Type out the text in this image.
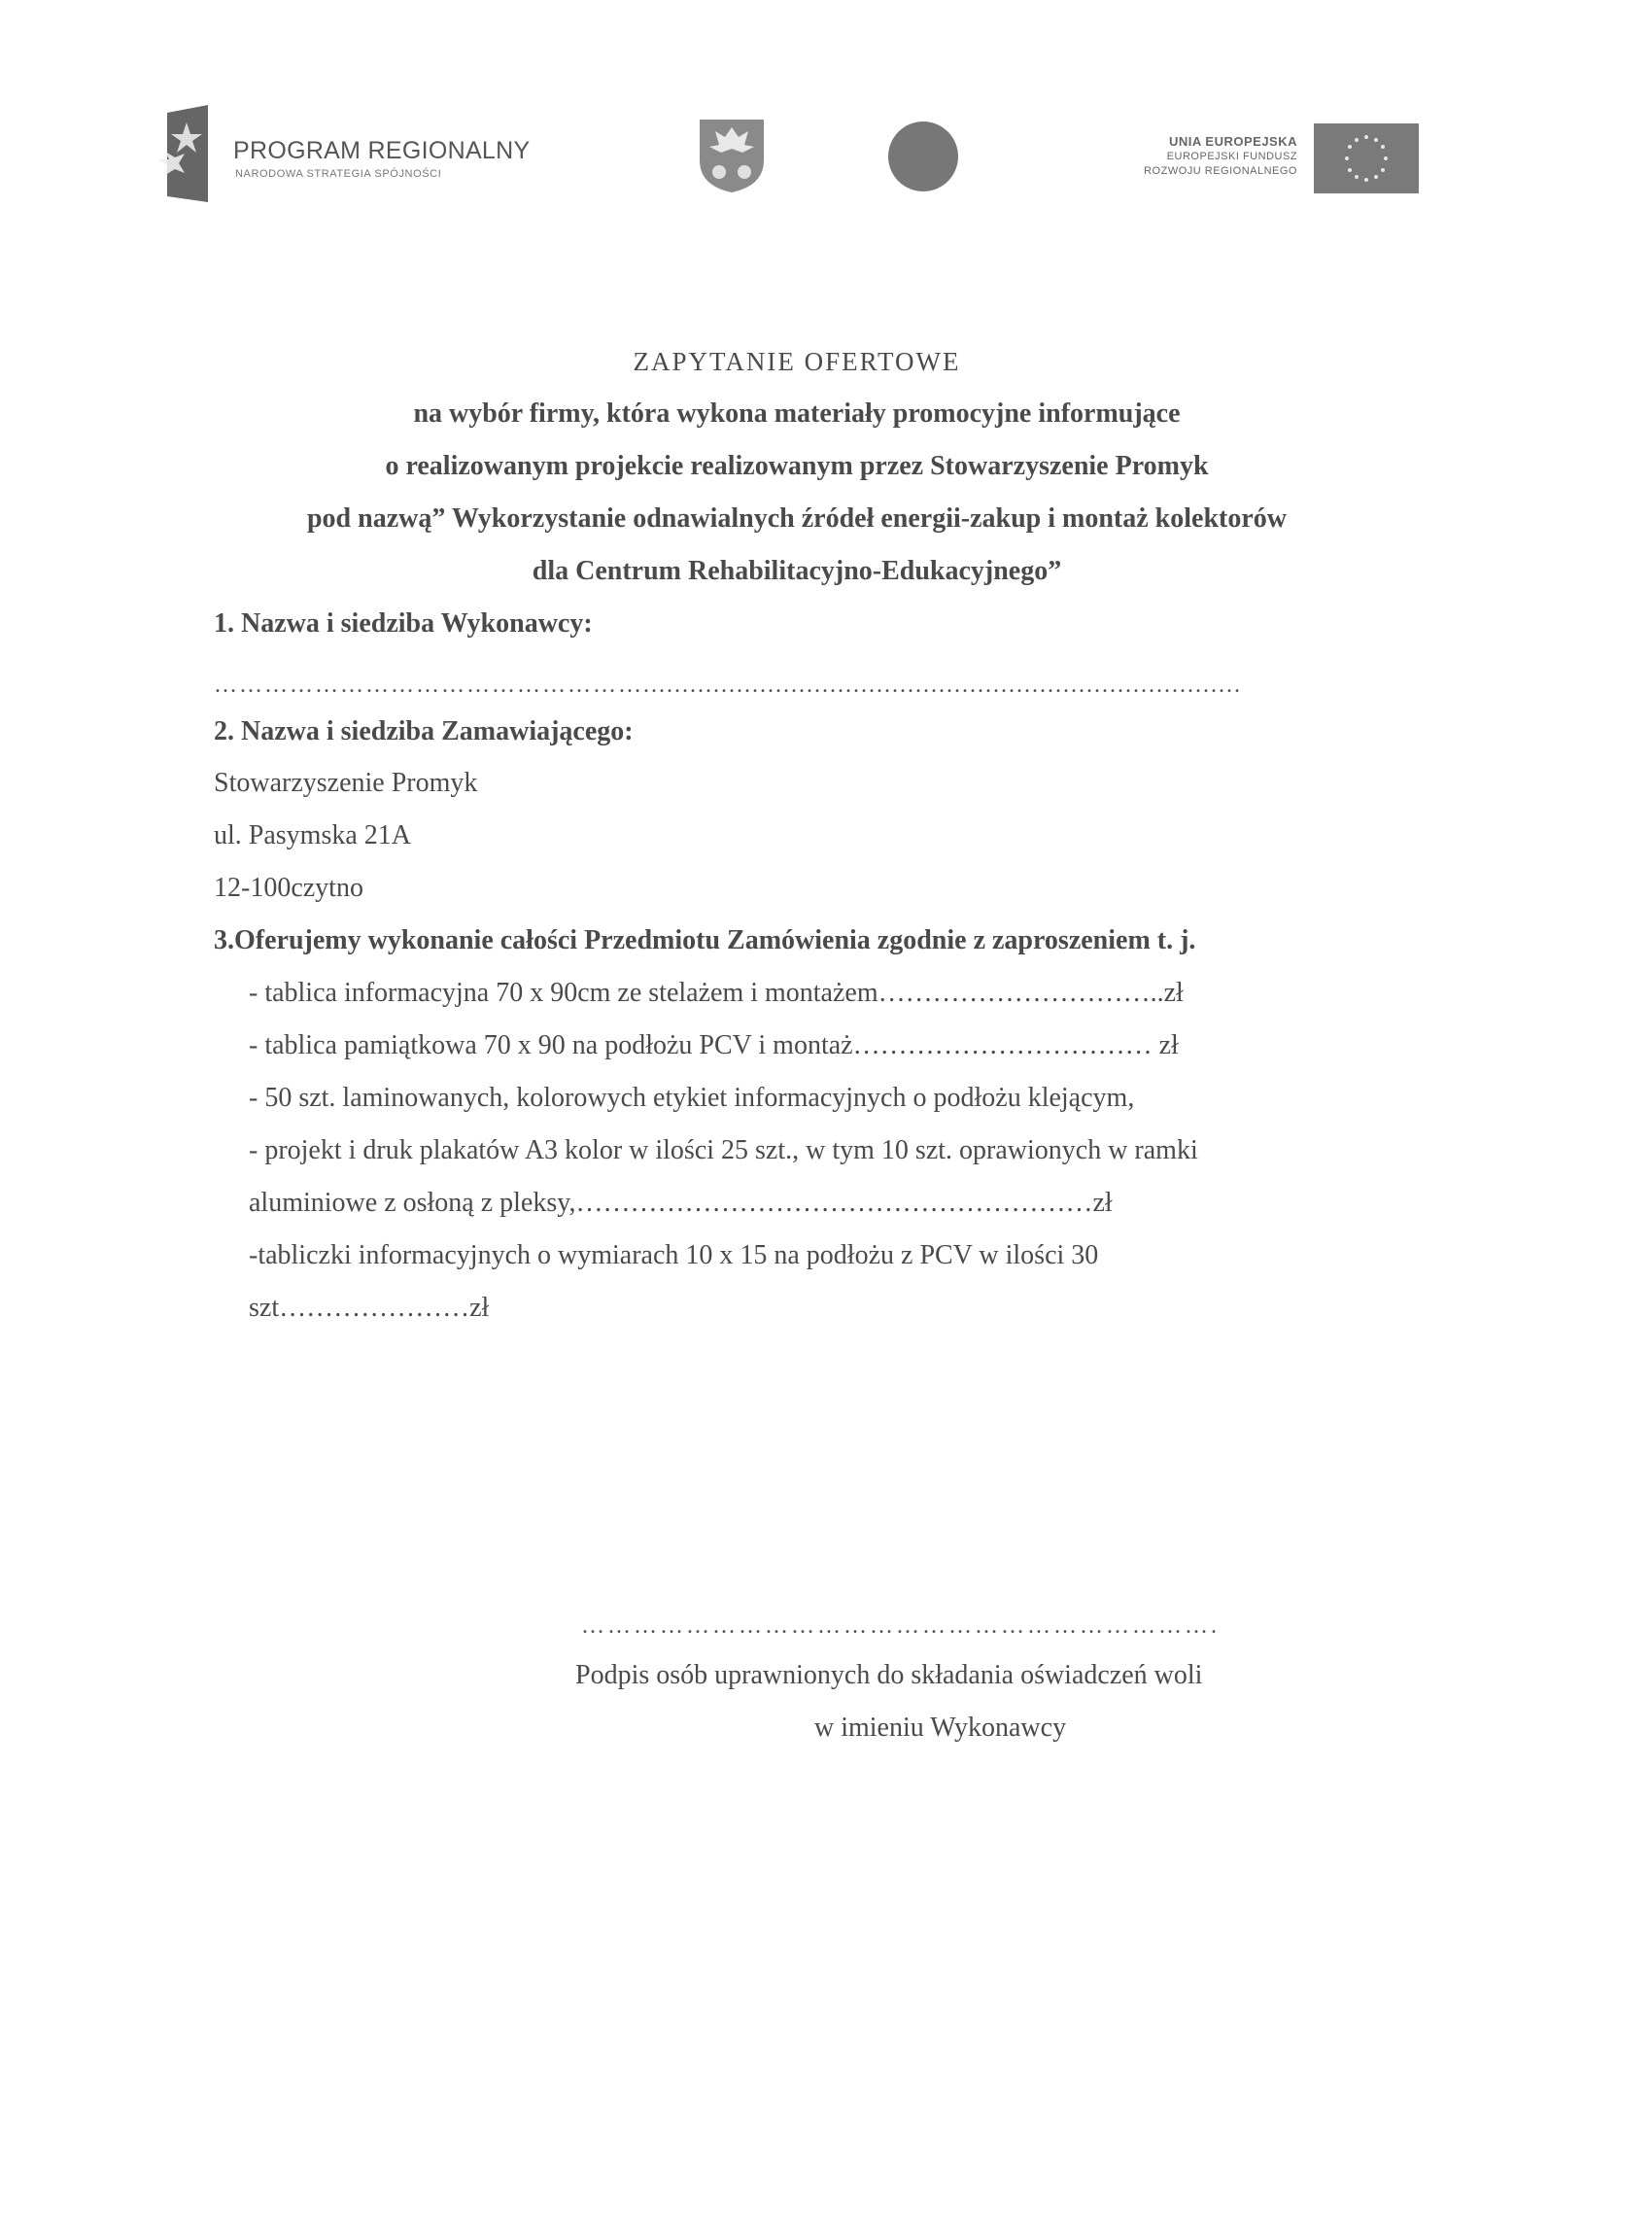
PROGRAM REGIONALNY
NARODOWA STRATEGIA SPÓJNOŚCI
UNIA EUROPEJSKA
EUROPEJSKI FUNDUSZ
ROZWOJU REGIONALNEGO
ZAPYTANIE OFERTOWE
na wybór firmy, która wykona materiały promocyjne informujące
o realizowanym projekcie realizowanym przez Stowarzyszenie Promyk
pod nazwą” Wykorzystanie odnawialnych źródeł energii-zakup i montaż kolektorów
dla Centrum Rehabilitacyjno-Edukacyjnego”
1. Nazwa i siedziba Wykonawcy:
…………………………………………….............................................................................
2. Nazwa i siedziba Zamawiającego:
Stowarzyszenie Promyk
ul. Pasymska 21A
12-100czytno
3.Oferujemy wykonanie całości Przedmiotu Zamówienia zgodnie z zaproszeniem t. j.
- tablica informacyjna 70 x 90cm ze stelażem i montażem…………………………..zł
- tablica pamiątkowa 70 x 90 na podłożu PCV i montaż…………………………… zł
- 50 szt. laminowanych, kolorowych etykiet informacyjnych o podłożu klejącym,
- projekt i druk plakatów A3 kolor w ilości 25 szt., w tym 10 szt. oprawionych w ramki
aluminiowe z osłoną z pleksy,…………………………………………………zł
-tabliczki informacyjnych o wymiarach 10 x 15 na podłożu z PCV w ilości 30
szt…………………zł
……………………………………………………………….
Podpis osób uprawnionych do składania oświadczeń woli
w imieniu Wykonawcy
